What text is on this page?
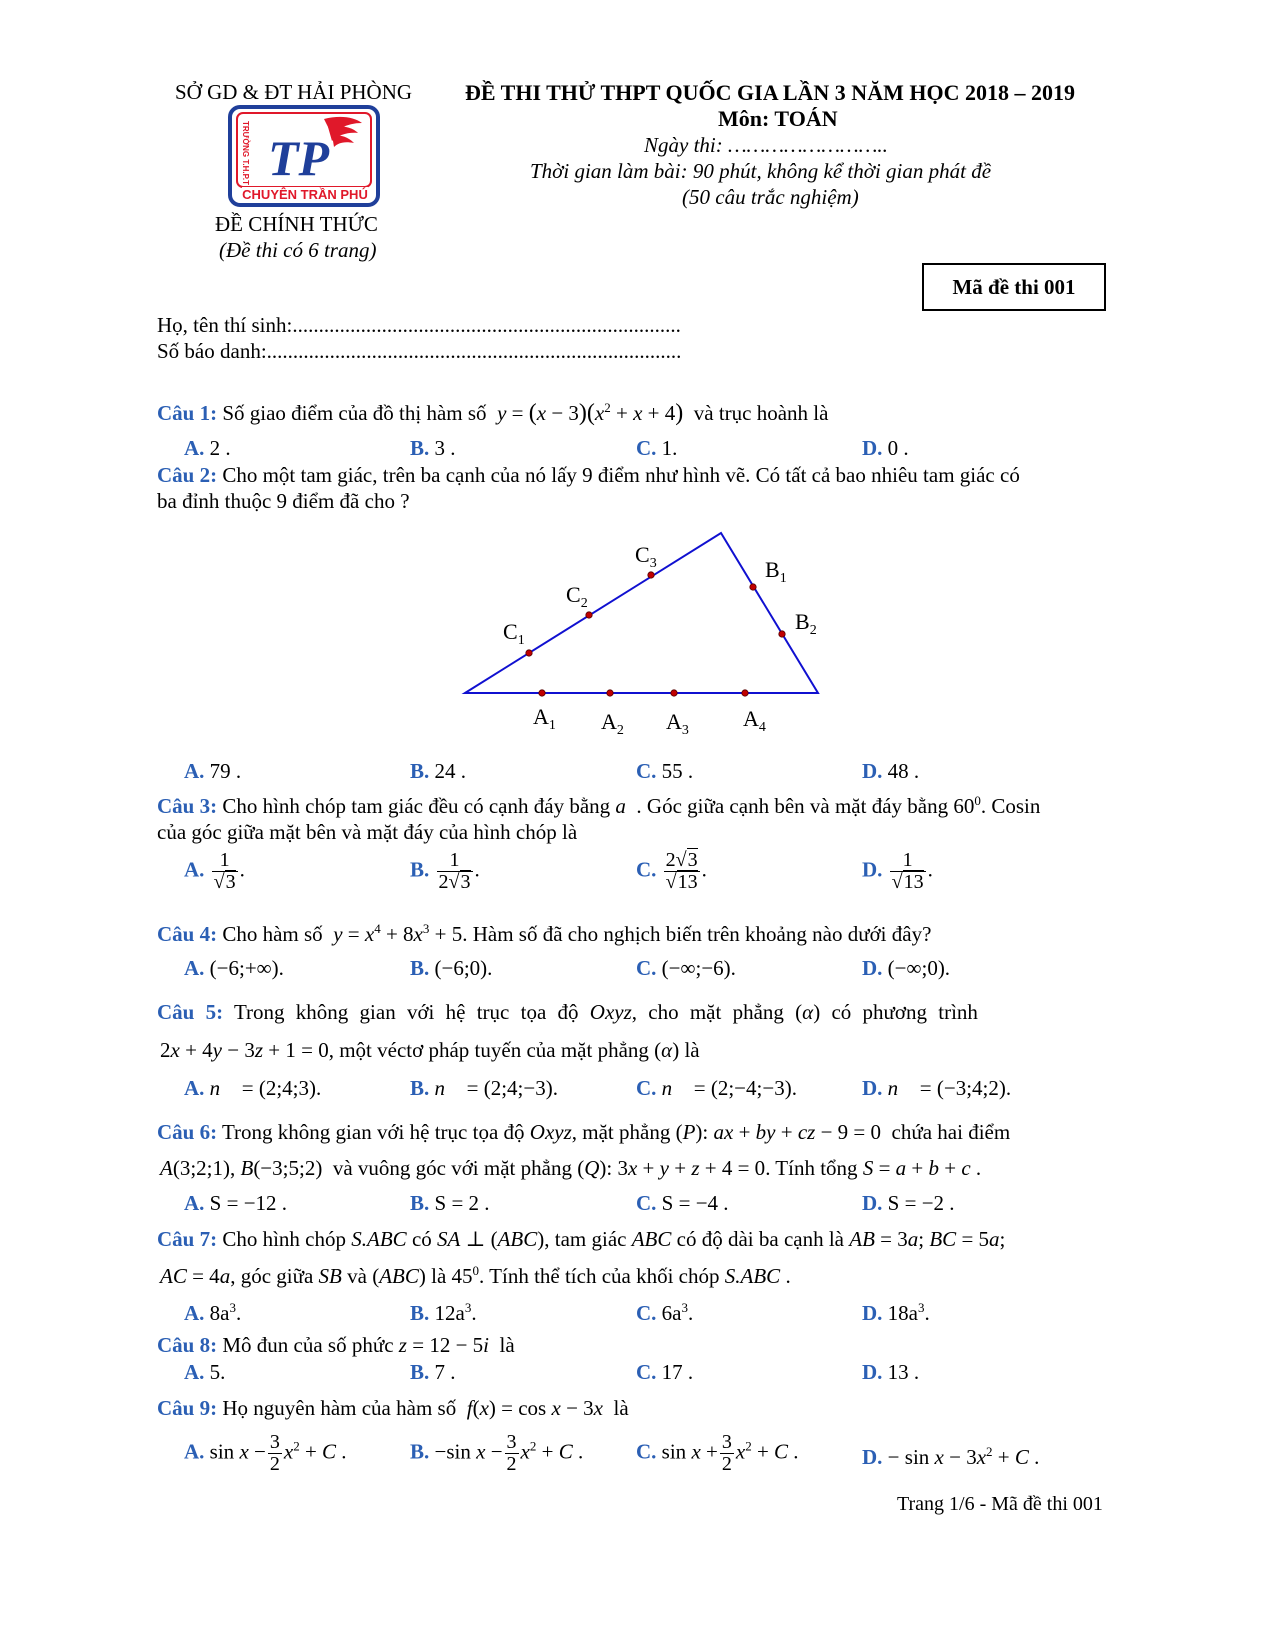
SỞ GD & ĐT HẢI PHÒNG ĐỀ THI THỬ THPT QUỐC GIA LẦN 3 NĂM HỌC 2018 – 2019
Môn: TOÁN
Ngày thi: ……………………..
Thời gian làm bài: 90 phút, không kể thời gian phát đề
(50 câu trắc nghiệm)
TP
TRƯỜNG T.H.P.T
CHUYÊN TRẦN PHÚ
ĐỀ CHÍNH THỨC
(Đề thi có 6 trang)
Mã đề thi 001
Họ, tên thí sinh:..........................................................................
Số báo danh:...............................................................................
Câu 1: Số giao điểm của đồ thị hàm số  $y = (x - 3)(x^2 + x + 4)$ và trục hoành là
A. 2 .	B. 3 .	C. 1.	D. 0 .
Câu 2: Cho một tam giác, trên ba cạnh của nó lấy 9 điểm như hình vẽ. Có tất cả bao nhiêu tam giác có
ba đỉnh thuộc 9 điểm đã cho ?
$C_1$
$C_2$
$C_3$	$B_1$
$B_2$
$A_1$ $A_2$ $A_3$ $A_4$
A. 79 .	B. 24 .	C. 55 .	D. 48 .
Câu 3: Cho hình chóp tam giác đều có cạnh đáy bằng a . Góc giữa cạnh bên và mặt đáy bằng $60^0$. Cosin
của góc giữa mặt bên và mặt đáy của hình chóp là
A. $\frac{1}{√3}$ .	B. $\frac{1}{2√3}$ .	C. $\frac{2√3}{√13}$ .	D. $\frac{1}{√13}$ .
Câu 4: Cho hàm số $y = x^4 + 8x^3 + 5$. Hàm số đã cho nghịch biến trên khoảng nào dưới đây?
A. (−6;+∞).	B. (−6;0).	C. (−∞;−6).	D. (−∞;0).
Câu 5: Trong không gian với hệ trục tọa độ Oxyz, cho mặt phẳng (α) có phương trình
2x + 4y − 3z + 1 = 0, một véctơ pháp tuyến của mặt phẳng (α) là
A. n⃗ = (2;4;3).	B. n⃗ = (2;4;−3).	C. n⃗ = (2;−4;−3).	D. n⃗ = (−3;4;2).
Câu 6: Trong không gian với hệ trục tọa độ Oxyz, mặt phẳng (P): ax + by + cz − 9 = 0  chứa hai điểm
A(3;2;1), B(−3;5;2)  và vuông góc với mặt phẳng (Q): 3x + y + z + 4 = 0. Tính tổng S = a + b + c .
A. S = −12 .	B. S = 2 .	C. S = −4 .	D. S = −2 .
Câu 7: Cho hình chóp S.ABC có SA ⊥ (ABC), tam giác ABC có độ dài ba cạnh là AB = 3a; BC = 5a;
AC = 4a, góc giữa SB và (ABC) là $45^0$. Tính thể tích của khối chóp S.ABC .
A. $8a^3$.	B. $12a^3$.	C. $6a^3$.	D. $18a^3$.
Câu 8: Mô đun của số phức z = 12 − 5i là
A. 5.	B. 7 .	C. 17 .	D. 13 .
Câu 9: Họ nguyên hàm của hàm số f(x) = cos x − 3x là
A. $\sin x - \frac{3}{2} x^2 + C$ .	B. −sin $x - \frac{3}{2} x^2 + C$ .	C. $\sin x + \frac{3}{2} x^2 + C$ .	D. − $\sin x - 3x^2 + C$ .
Trang 1/6 - Mã đề thi 001
